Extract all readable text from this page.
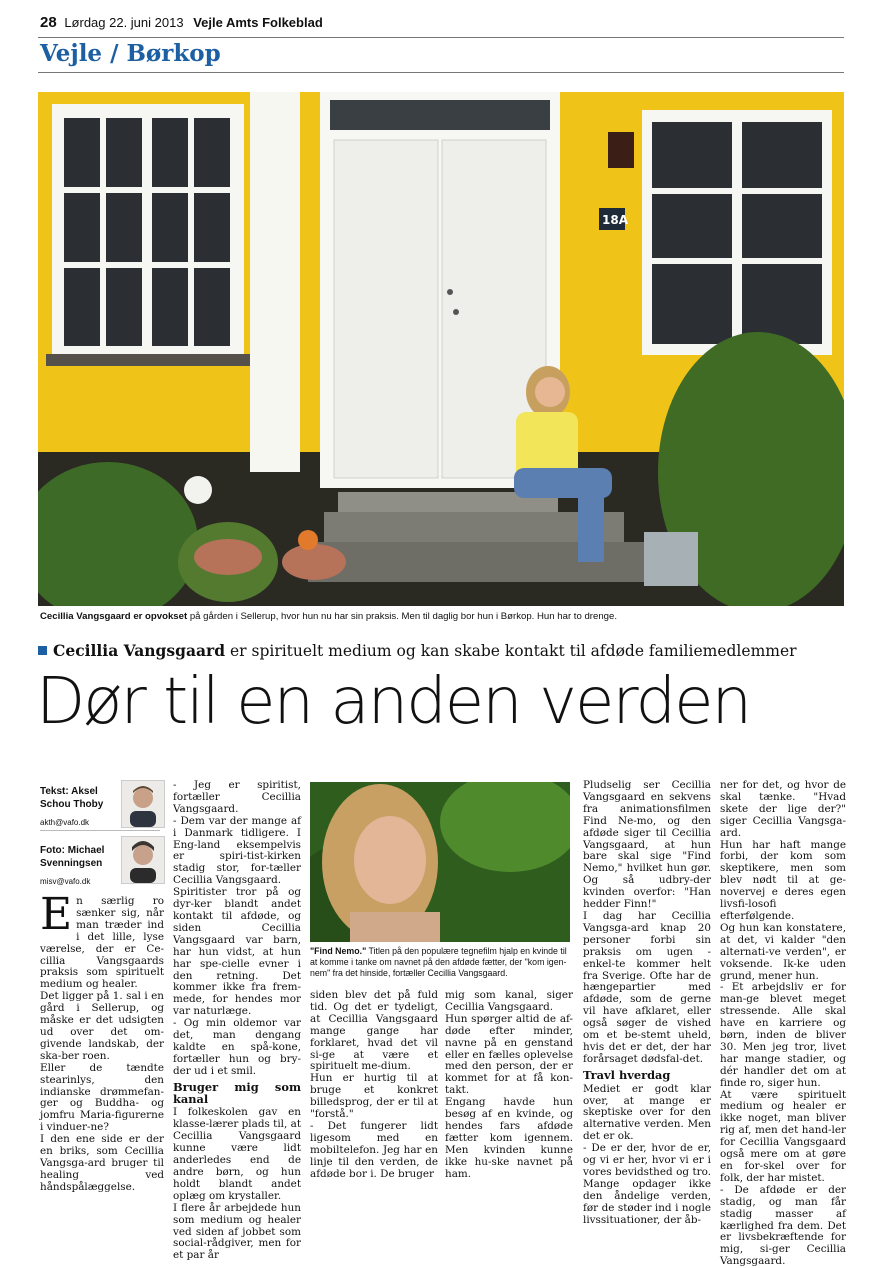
28 Lørdag 22. juni 2013 Vejle Amts Folkeblad
Vejle / Børkop
18A
Cecillia Vangsgaard er opvokset på gården i Sellerup, hvor hun nu har sin praksis. Men til daglig bor hun i Børkop. Hun har to drenge.
Cecillia Vangsgaard er spirituelt medium og kan skabe kontakt til afdøde familiemedlemmer
Dør til en anden verden
Tekst: Aksel
Schou Thoby
akth@vafo.dk
Foto: Michael
Svenningsen
misv@vafo.dk

En særlig ro sænker sig, når man træder ind i det lille, lyse værelse, der er Ce-cillia Vangsgaards praksis som spirituelt medium og healer.

Det ligger på 1. sal i en gård i Sellerup, og måske er det udsigten ud over det om-givende landskab, der ska-ber roen.

Eller de tændte stearinlys, den indianske drømmefan-ger og Buddha- og jomfru Maria-figurerne i vinduer-ne?

I den ene side er der en briks, som Cecillia Vangsga-ard bruger til healing ved håndspålæggelse.

- Jeg er spiritist, fortæller Cecillia Vangsgaard.

- Dem var der mange af i Danmark tidligere. I Eng-land eksempelvis er spiri-tist-kirken stadig stor, for-tæller Cecillia Vangsgaard.

Spiritister tror på og dyr-ker blandt andet kontakt til afdøde, og siden Cecillia Vangsgaard var barn, har hun vidst, at hun har spe-cielle evner i den retning. Det kommer ikke fra frem-mede, for hendes mor var naturlæge.

- Og min oldemor var det, man dengang kaldte en spå-kone, fortæller hun og bry-der ud i et smil.

Bruger mig som kanal

I folkeskolen gav en klasse-lærer plads til, at Cecillia Vangsgaard kunne være lidt anderledes end de andre børn, og hun holdt blandt andet oplæg om krystaller.

I flere år arbejdede hun som medium og healer ved siden af jobbet som social-rådgiver, men for et par år

"Find Nemo." Titlen på den populære tegnefilm hjalp en kvinde til at komme i tanke om navnet på den afdøde fætter, der "kom igen-nem" fra det hinside, fortæller Cecillia Vangsgaard.

siden blev det på fuld tid. Og det er tydeligt, at Cecillia Vangsgaard mange gange har forklaret, hvad det vil si-ge at være et spirituelt me-dium.

Hun er hurtig til at bruge et konkret billedsprog, der er til at "forstå."

- Det fungerer lidt ligesom med en mobiltelefon. Jeg har en linje til den verden, de afdøde bor i. De bruger

mig som kanal, siger Cecillia Vangsgaard.

Hun spørger altid de af-døde efter minder, navne på en genstand eller en fælles oplevelse med den person, der er kommet for at få kon-takt.

Engang havde hun besøg af en kvinde, og hendes fars afdøde fætter kom igennem. Men kvinden kunne ikke hu-ske navnet på ham.

Pludselig ser Cecillia Vangsgaard en sekvens fra animationsfilmen Find Ne-mo, og den afdøde siger til Cecillia Vangsgaard, at hun bare skal sige "Find Nemo," hvilket hun gør. Og så udbry-der kvinden overfor: "Han hedder Finn!"

I dag har Cecillia Vangsga-ard knap 20 personer forbi sin praksis om ugen - enkel-te kommer helt fra Sverige. Ofte har de hængepartier med afdøde, som de gerne vil have afklaret, eller også søger de vished om et be-stemt uheld, hvis det er det, der har forårsaget dødsfal-det.

Travl hverdag

Mediet er godt klar over, at mange er skeptiske over for den alternative verden. Men det er ok.

- De er der, hvor de er, og vi er her, hvor vi er i vores bevidsthed og tro. Mange opdager ikke den åndelige verden, før de støder ind i nogle livssituationer, der åb-

ner for det, og hvor de skal tænke. "Hvad skete der lige der?" siger Cecillia Vangsga-ard.

Hun har haft mange forbi, der kom som skeptikere, men som blev nødt til at ge-novervej e deres egen livsfi-losofi efterfølgende.

Og hun kan konstatere, at det, vi kalder "den alternati-ve verden", er voksende. Ik-ke uden grund, mener hun.

- Et arbejdsliv er for man-ge blevet meget stressende. Alle skal have en karriere og børn, inden de bliver 30. Men jeg tror, livet har mange stadier, og dér handler det om at finde ro, siger hun.

At være spirituelt medium og healer er ikke noget, man bliver rig af, men det hand-ler for Cecillia Vangsgaard også mere om at gøre en for-skel over for folk, der har mistet.

- De afdøde er der stadig, og man får stadig masser af kærlighed fra dem. Det er livsbekræftende for mig, si-ger Cecillia Vangsgaard.
